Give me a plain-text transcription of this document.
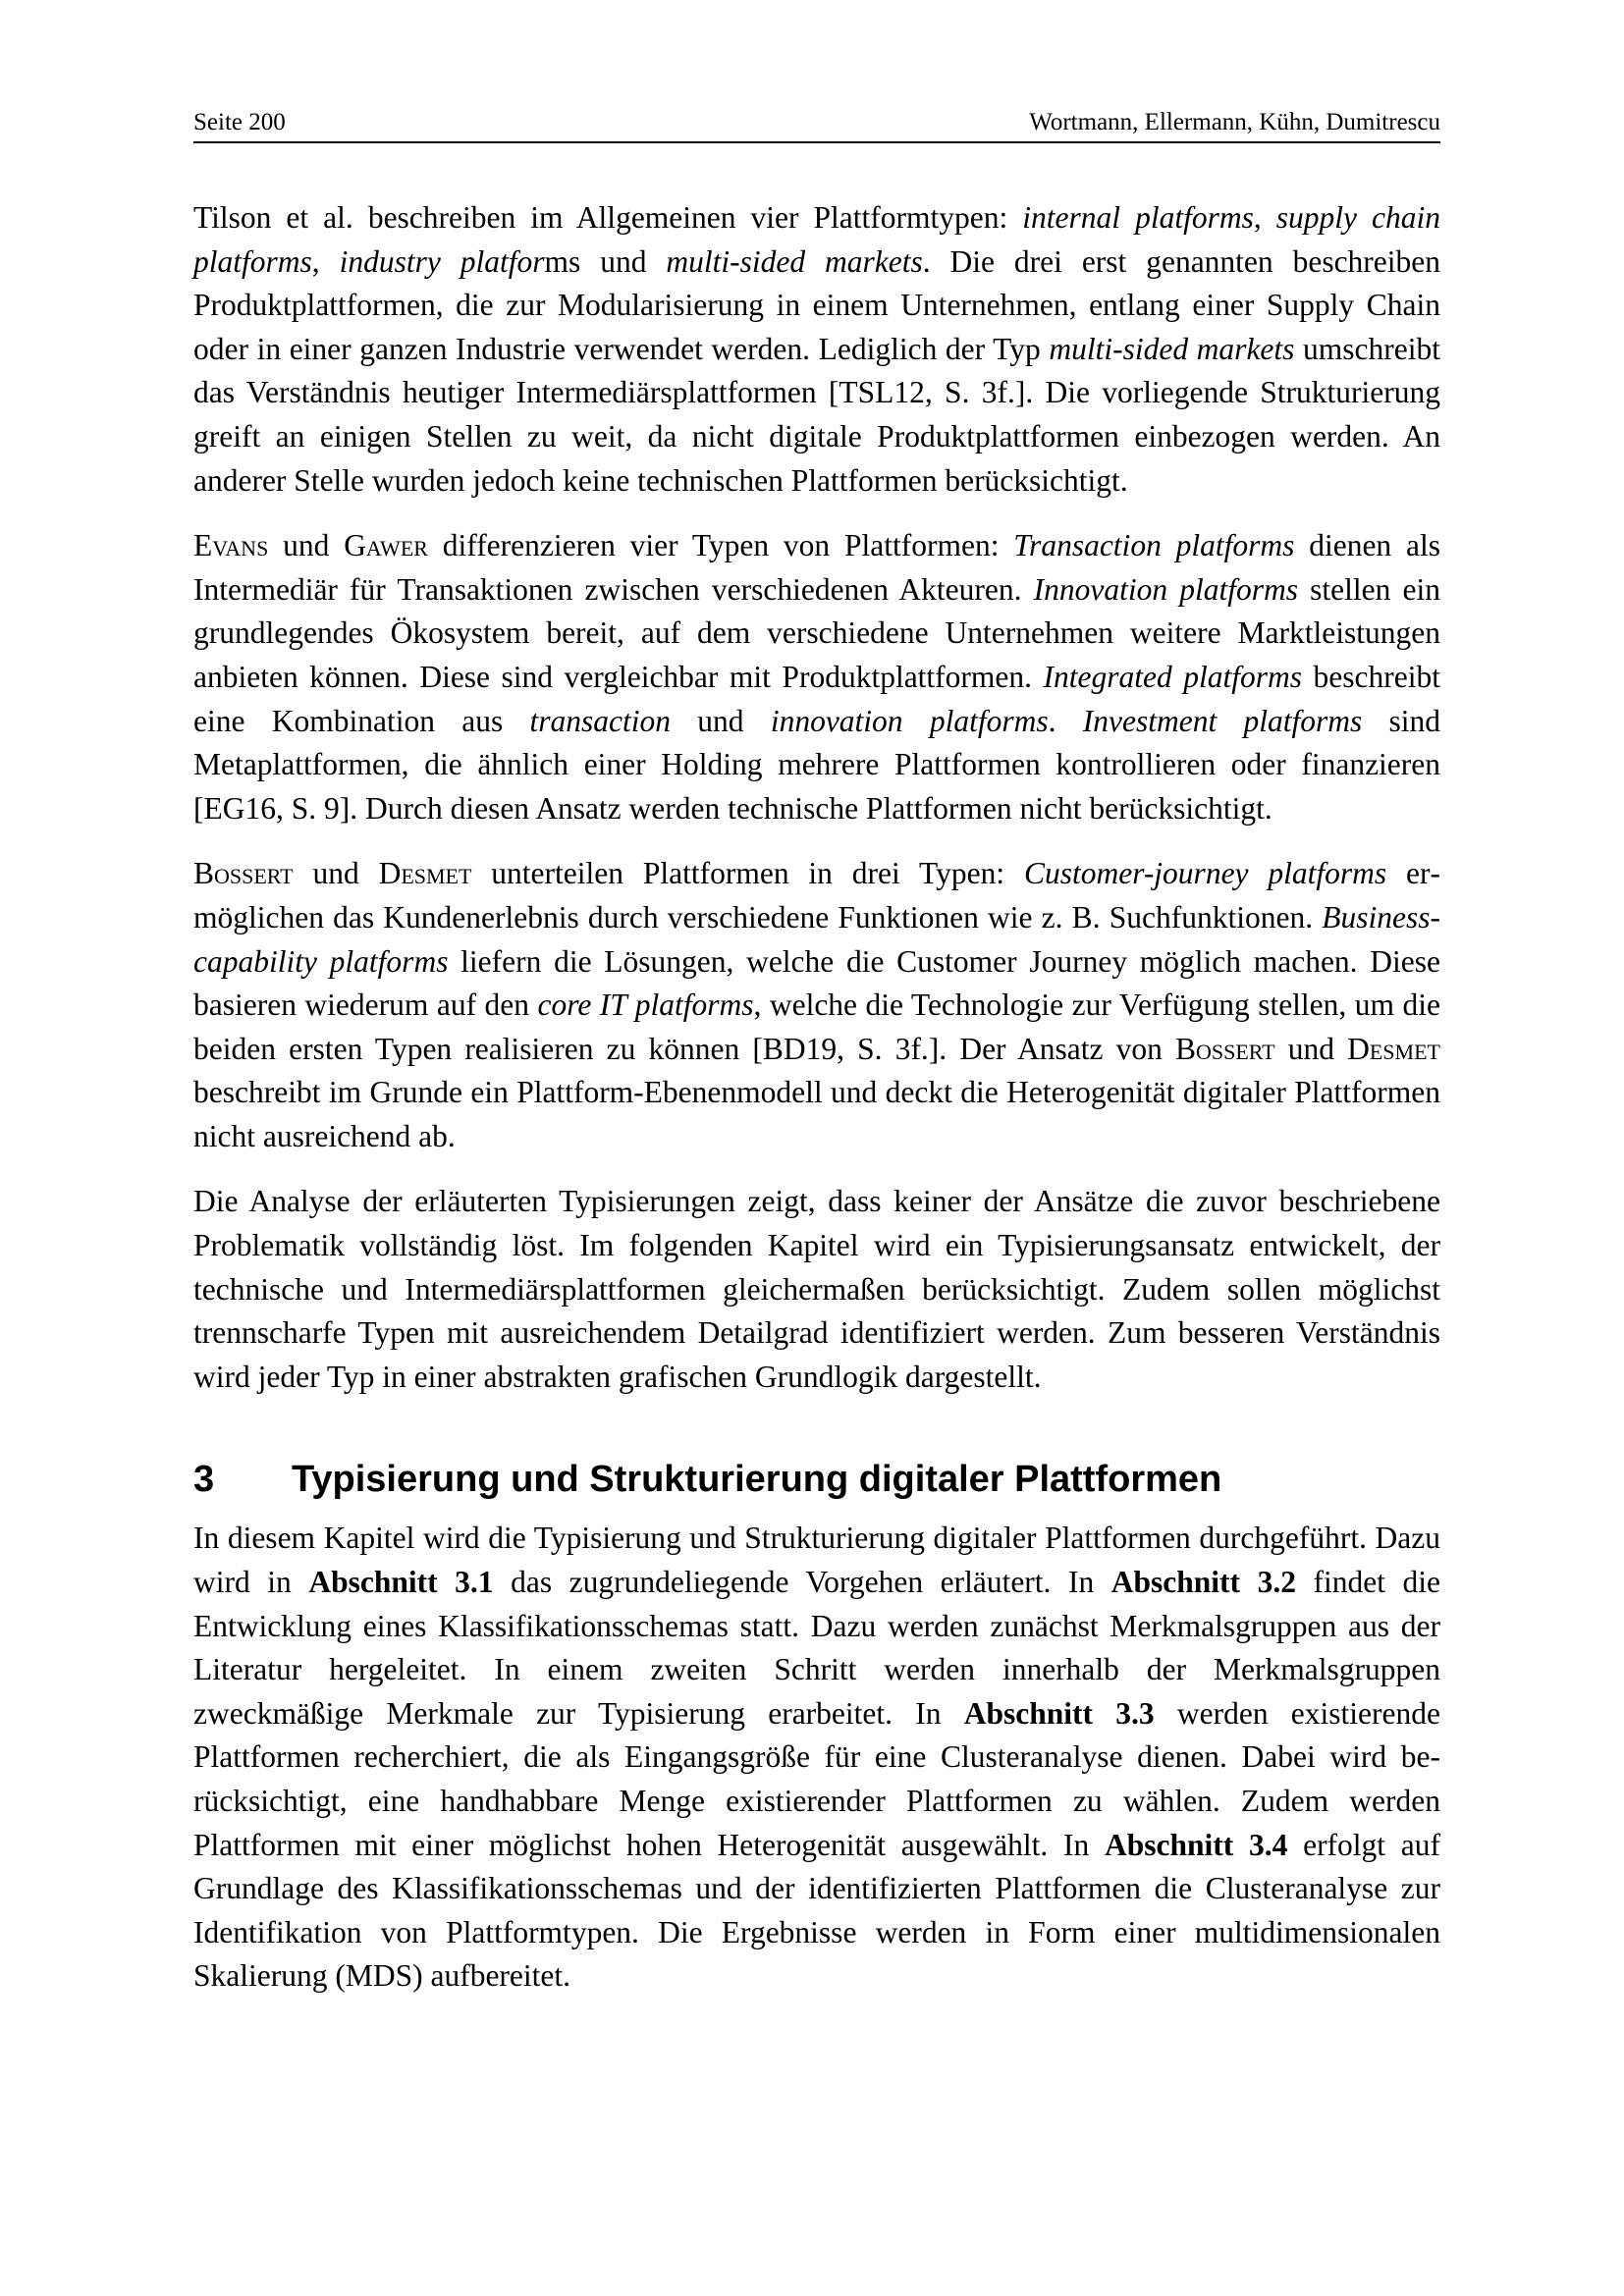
Seite 200	Wortmann, Ellermann, Kühn, Dumitrescu

Tilson et al. beschreiben im Allgemeinen vier Plattformtypen: internal platforms, supply chain platforms, industry platforms und multi-sided markets. Die drei erst genannten beschreiben Produktplattformen, die zur Modularisierung in einem Unternehmen, entlang einer Supply Chain oder in einer ganzen Industrie verwendet werden. Lediglich der Typ multi-sided markets umschreibt das Verständnis heutiger Intermediärsplattformen [TSL12, S. 3f.]. Die vorliegende Strukturierung greift an einigen Stellen zu weit, da nicht digitale Produktplattformen einbezogen werden. An anderer Stelle wurden jedoch keine technischen Plattformen berücksichtigt.

Evans und Gawer differenzieren vier Typen von Plattformen: Transaction platforms dienen als Intermediär für Transaktionen zwischen verschiedenen Akteuren. Innovation platforms stellen ein grundlegendes Ökosystem bereit, auf dem verschiedene Unternehmen weitere Marktleistungen anbieten können. Diese sind vergleichbar mit Produktplattformen. Integrated platforms beschreibt eine Kombination aus transaction und innovation platforms. Investment platforms sind Metaplattformen, die ähnlich einer Holding mehrere Plattformen kontrollieren oder finanzieren [EG16, S. 9]. Durch diesen Ansatz werden technische Plattformen nicht berücksichtigt.

Bossert und Desmet unterteilen Plattformen in drei Typen: Customer-journey platforms ermöglichen das Kundenerlebnis durch verschiedene Funktionen wie z. B. Suchfunktionen. Business-capability platforms liefern die Lösungen, welche die Customer Journey möglich machen. Diese basieren wiederum auf den core IT platforms, welche die Technologie zur Verfügung stellen, um die beiden ersten Typen realisieren zu können [BD19, S. 3f.]. Der Ansatz von Bossert und Desmet beschreibt im Grunde ein Plattform-Ebenenmodell und deckt die Heterogenität digitaler Plattformen nicht ausreichend ab.

Die Analyse der erläuterten Typisierungen zeigt, dass keiner der Ansätze die zuvor beschriebene Problematik vollständig löst. Im folgenden Kapitel wird ein Typisierungsansatz entwickelt, der technische und Intermediärsplattformen gleichermaßen berücksichtigt. Zudem sollen möglichst trennscharfe Typen mit ausreichendem Detailgrad identifiziert werden. Zum besseren Verständnis wird jeder Typ in einer abstrakten grafischen Grundlogik dargestellt.

3	Typisierung und Strukturierung digitaler Plattformen

In diesem Kapitel wird die Typisierung und Strukturierung digitaler Plattformen durchgeführt. Dazu wird in Abschnitt 3.1 das zugrundeliegende Vorgehen erläutert. In Abschnitt 3.2 findet die Entwicklung eines Klassifikationsschemas statt. Dazu werden zunächst Merkmalsgruppen aus der Literatur hergeleitet. In einem zweiten Schritt werden innerhalb der Merkmalsgruppen zweckmäßige Merkmale zur Typisierung erarbeitet. In Abschnitt 3.3 werden existierende Plattformen recherchiert, die als Eingangsgröße für eine Clusteranalyse dienen. Dabei wird berücksichtigt, eine handhabbare Menge existierender Plattformen zu wählen. Zudem werden Plattformen mit einer möglichst hohen Heterogenität ausgewählt. In Abschnitt 3.4 erfolgt auf Grundlage des Klassifikationsschemas und der identifizierten Plattformen die Clusteranalyse zur Identifikation von Plattformtypen. Die Ergebnisse werden in Form einer multidimensionalen Skalierung (MDS) aufbereitet.
